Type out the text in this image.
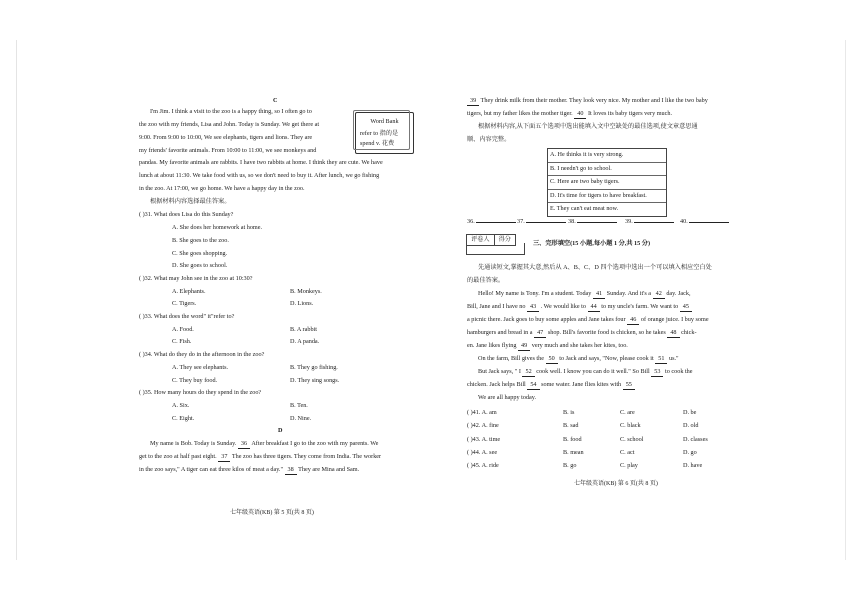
C
I'm Jim. I think a visit to the zoo is a happy thing, so I often go to
the zoo with my friends, Lisa and John. Today is Sunday. We get there at
9:00. From 9:00 to 10:00, We see elephants, tigers and lions. They are
my friends' favorite animals. From 10:00 to 11:00, we see monkeys and
pandas. My favorite animals are rabbits. I have two rabbits at home. I think they are cute. We have
lunch at about 11:30. We take food with us, so we don't need to buy it. After lunch, we go fishing
in the zoo. At 17:00, we go home. We have a happy day in the zoo.
Word Bank
refer to 指的是
spend v. 花费
根据材料内容选择最佳答案。
( )31. What does Lisa do this Sunday?
A. She does her homework at home.
B. She goes to the zoo.
C. She goes shopping.
D. She goes to school.
( )32. What may John see in the zoo at 10:30?
A. Elephants.	B. Monkeys.
C. Tigers.	D. Lions.
( )33. What does the word" it"refer to?
A. Food.	B. A rabbit
C. Fish.	D. A panda.
( )34. What do they do in the afternoon in the zoo?
A. They see elephants.	B. They go fishing.
C. They buy food.	D. They sing songs.
( )35. How many hours do they spend in the zoo?
A. Six.	B. Ten.
C. Eight.	D. Nine.
D
My name is Bob. Today is Sunday. 36 After breakfast I go to the zoo with my parents. We
get to the zoo at half past eight. 37 The zoo has three tigers. They come from India. The worker
in the zoo says," A tiger can eat three kilos of meat a day." 38 They are Mina and Sam.
七年级英语(KB) 第 5 页(共 8 页)
39 They drink milk from their mother. They look very nice. My mother and I like the two baby
tigers, but my father likes the mother tiger. 40 It loves its baby tigers very much.
根据材料内容,从下面五个选项中选出能填入文中空缺处的最佳选项,使文章意思通
顺、内容完整。
A. He thinks it is very strong.
B. I needn't go to school.
C. Here are two baby tigers.
D. It's time for tigers to have breakfast.
E. They can't eat meat now.
36.	37.	38.	39.	40.
评卷人	得分
三、完形填空(15 小题,每小题 1 分,共 15 分)
先通读短文,掌握其大意,然后从 A、B、C、D 四个选项中选出一个可以填入相应空白处
的最佳答案。
Hello! My name is Tony. I'm a student. Today 41 Sunday. And it's a 42 day. Jack,
Bill, Jane and I have no 43 . We would like to 44 to my uncle's farm. We want to 45
a picnic there. Jack goes to buy some apples and Jane takes four 46 of orange juice. I buy some
hamburgers and bread in a 47 shop. Bill's favorite food is chicken, so he takes 48 chick-
en. Jane likes flying 49 very much and she takes her kites, too.
On the farm, Bill gives the 50 to Jack and says, "Now, please cook it 51 us."
But Jack says, " I 52 cook well. I know you can do it well." So Bill 53 to cook the
chicken. Jack helps Bill 54 some water. Jane flies kites with 55
We are all happy today.
( )41. A. am	B. is	C. are	D. be
( )42. A. fine	B. sad	C. black	D. old
( )43. A. time	B. food	C. school	D. classes
( )44. A. see	B. mean	C. act	D. go
( )45. A. ride	B. go	C. play	D. have
七年级英语(KB) 第 6 页(共 8 页)
